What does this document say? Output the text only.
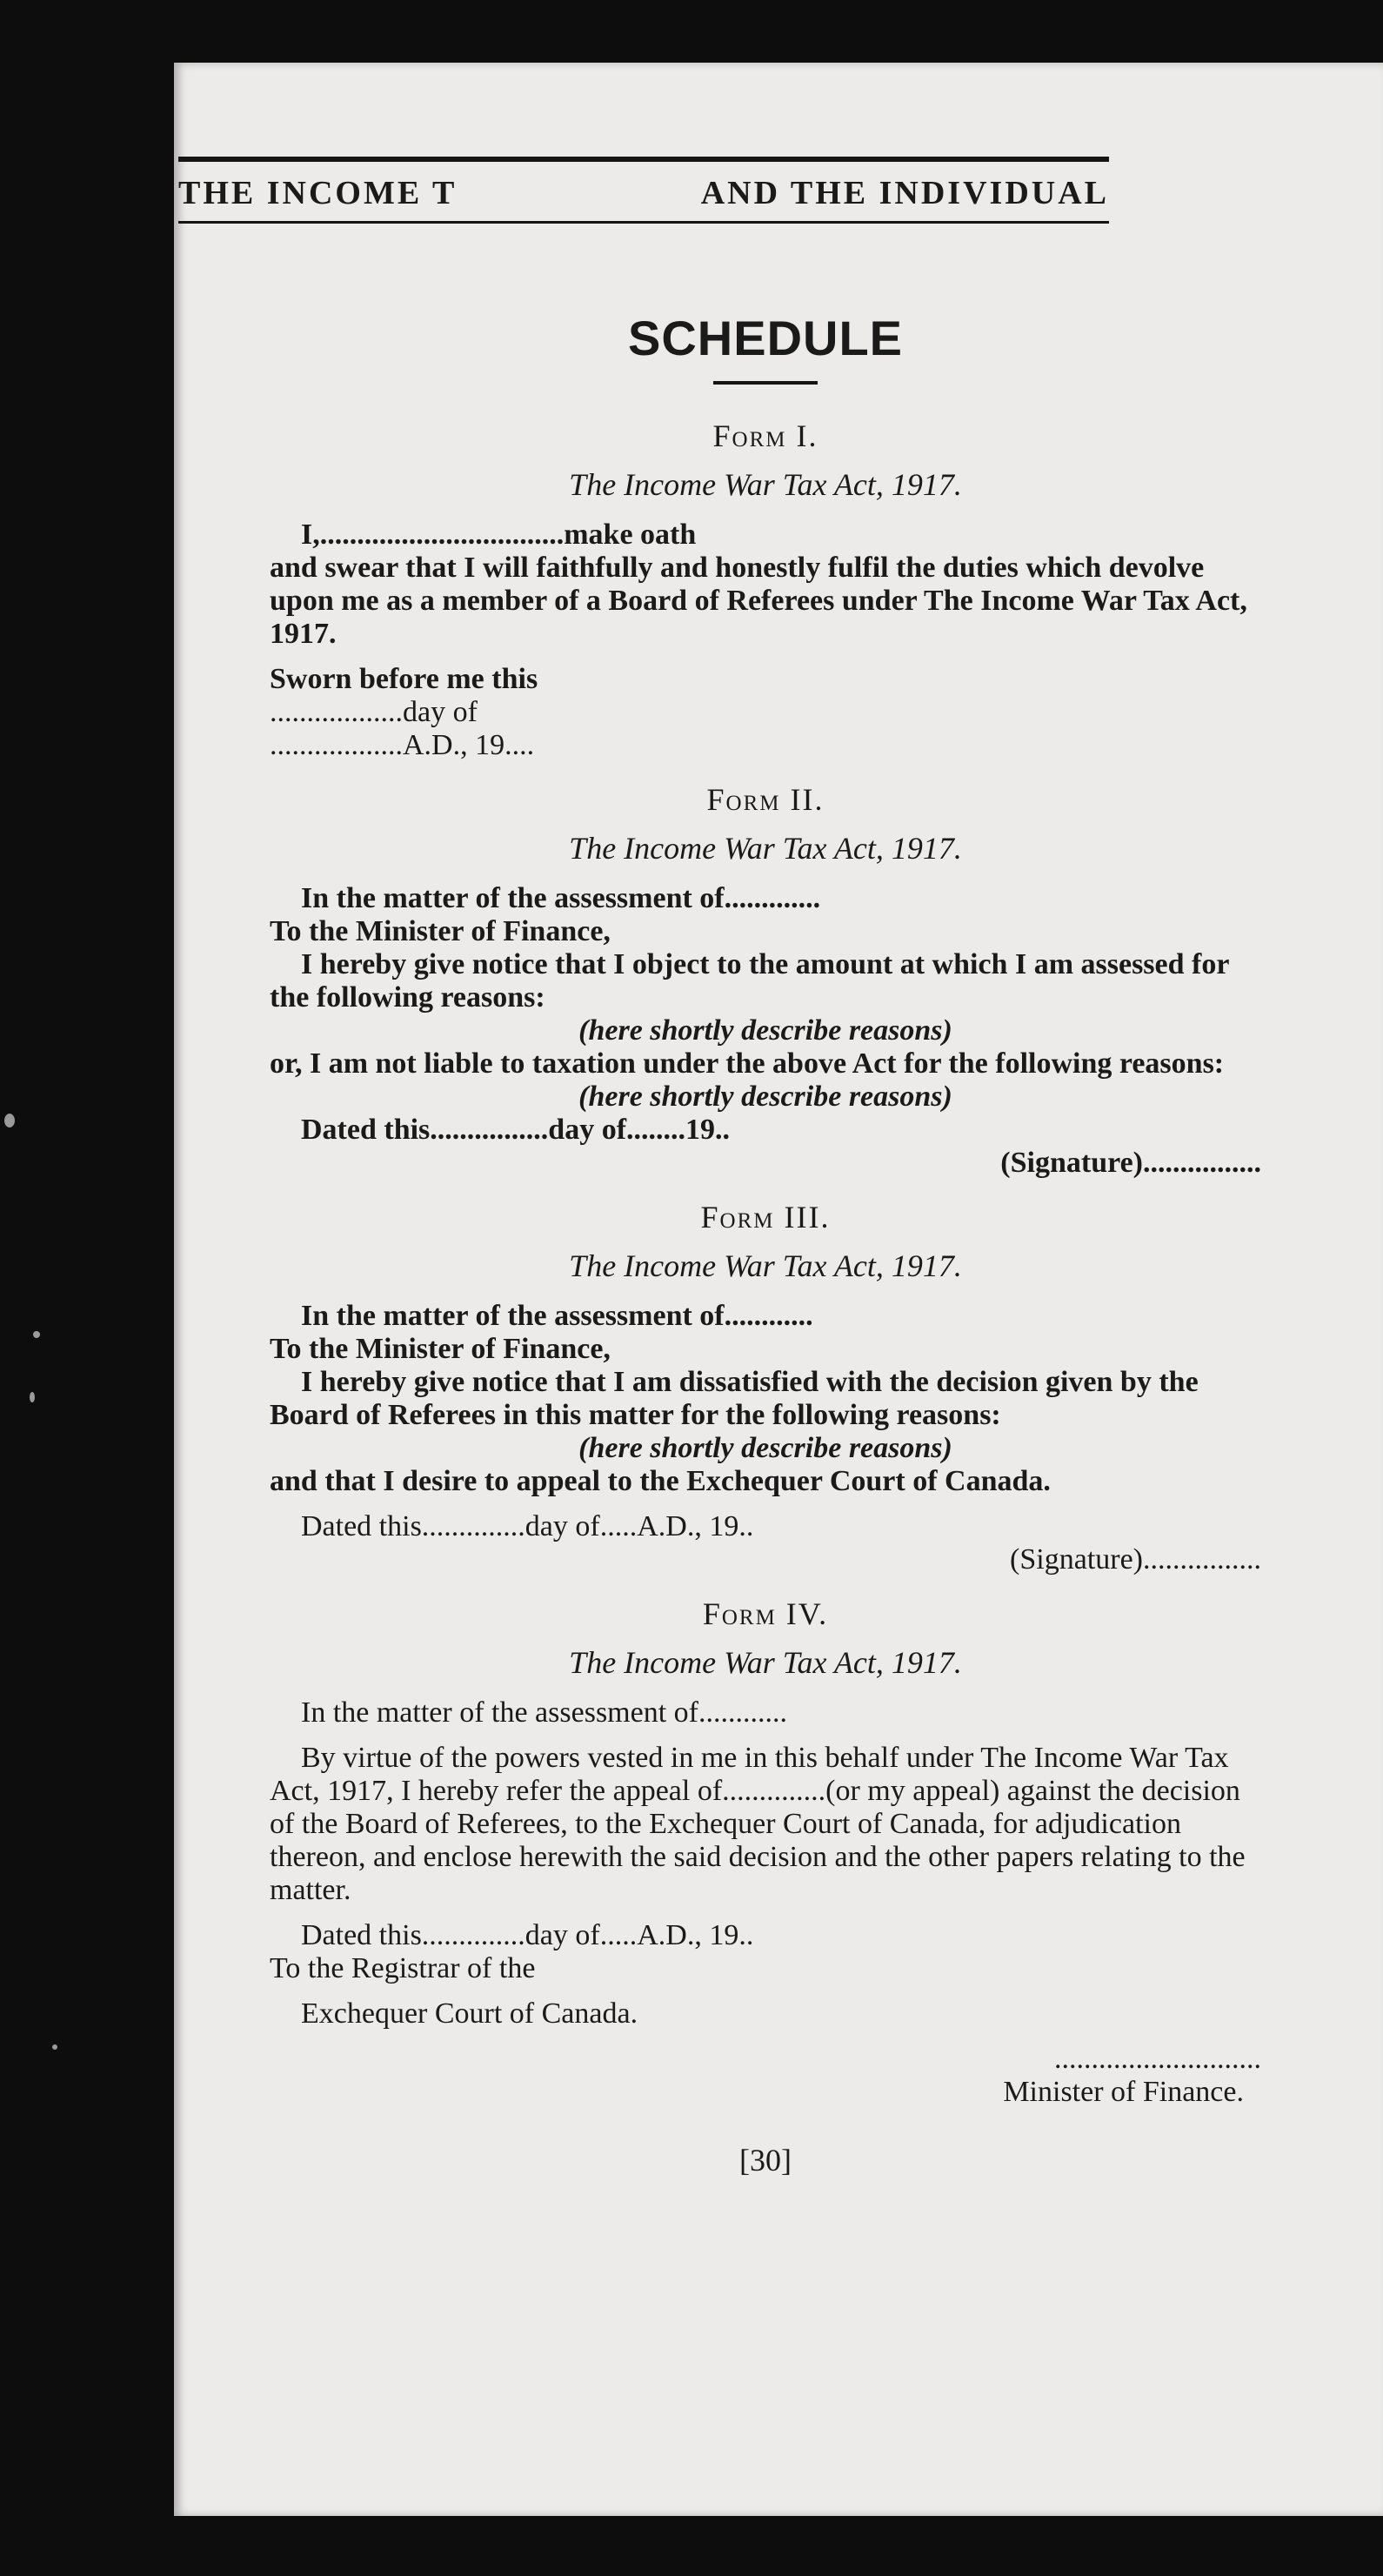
THE INCOME T	AND THE INDIVIDUAL
SCHEDULE
Form I.
The Income War Tax Act, 1917.

I,.................................make oath

and swear that I will faithfully and honestly fulfil the duties which devolve upon me as a member of a Board of Referees under The Income War Tax Act, 1917.

Sworn before me this

..................day of

..................A.D., 19....

Form II.
The Income War Tax Act, 1917.

In the matter of the assessment of.............

To the Minister of Finance,

I hereby give notice that I object to the amount at which I am assessed for the following reasons:

(here shortly describe reasons)

or, I am not liable to taxation under the above Act for the following reasons:

(here shortly describe reasons)

Dated this................day of........19..

(Signature)................

Form III.
The Income War Tax Act, 1917.

In the matter of the assessment of............

To the Minister of Finance,

I hereby give notice that I am dissatisfied with the decision given by the Board of Referees in this matter for the following reasons:

(here shortly describe reasons)

and that I desire to appeal to the Exchequer Court of Canada.

Dated this..............day of.....A.D., 19..

(Signature)................

Form IV.
The Income War Tax Act, 1917.

In the matter of the assessment of............

By virtue of the powers vested in me in this behalf under The Income War Tax Act, 1917, I hereby refer the appeal of..............(or my appeal) against the decision of the Board of Referees, to the Exchequer Court of Canada, for adjudication thereon, and enclose herewith the said decision and the other papers relating to the matter.

Dated this..............day of.....A.D., 19..

To the Registrar of the

Exchequer Court of Canada.

............................

Minister of Finance.

[30]
